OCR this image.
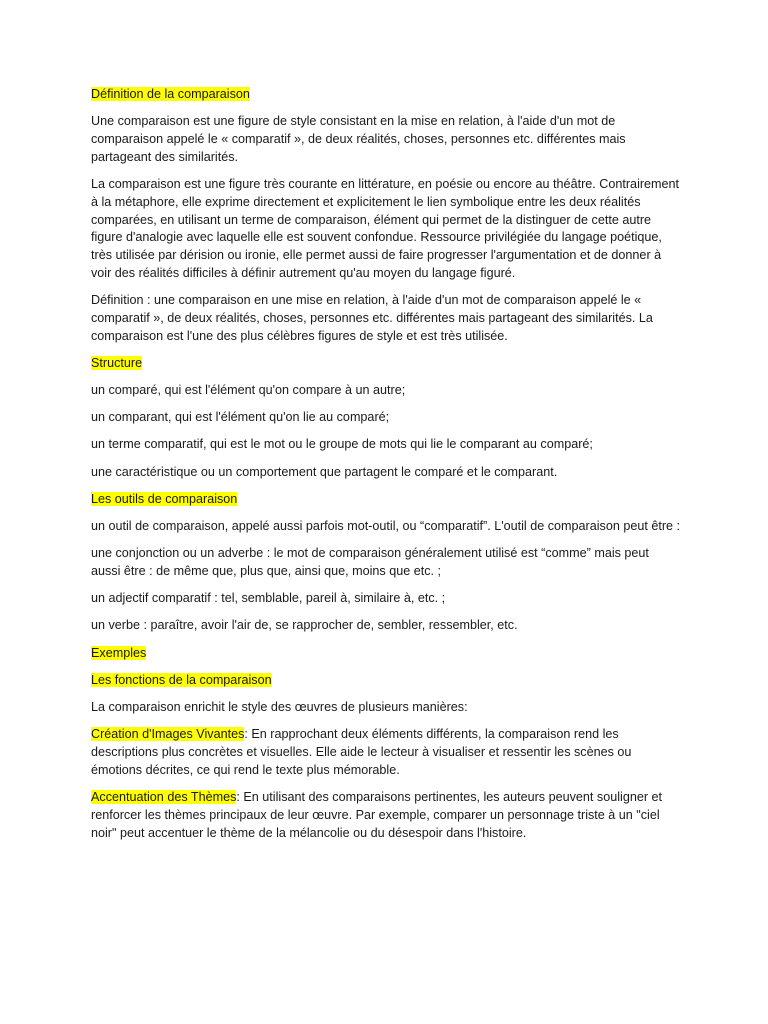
Définition de la comparaison
Une comparaison est une figure de style consistant en la mise en relation, à l'aide d'un mot de comparaison appelé le « comparatif », de deux réalités, choses, personnes etc. différentes mais partageant des similarités.
La comparaison est une figure très courante en littérature, en poésie ou encore au théâtre. Contrairement à la métaphore, elle exprime directement et explicitement le lien symbolique entre les deux réalités comparées, en utilisant un terme de comparaison, élément qui permet de la distinguer de cette autre figure d'analogie avec laquelle elle est souvent confondue. Ressource privilégiée du langage poétique, très utilisée par dérision ou ironie, elle permet aussi de faire progresser l'argumentation et de donner à voir des réalités difficiles à définir autrement qu'au moyen du langage figuré.
Définition : une comparaison en une mise en relation, à l'aide d'un mot de comparaison appelé le « comparatif », de deux réalités, choses, personnes etc. différentes mais partageant des similarités. La comparaison est l'une des plus célèbres figures de style et est très utilisée.
Structure
un comparé, qui est l'élément qu'on compare à un autre;
un comparant, qui est l'élément qu'on lie au comparé;
un terme comparatif, qui est le mot ou le groupe de mots qui lie le comparant au comparé;
une caractéristique ou un comportement que partagent le comparé et le comparant.
Les outils de comparaison
un outil de comparaison, appelé aussi parfois mot-outil, ou “comparatif”. L'outil de comparaison peut être :
une conjonction ou un adverbe : le mot de comparaison généralement utilisé est “comme” mais peut aussi être : de même que, plus que, ainsi que, moins que etc. ;
un adjectif comparatif : tel, semblable, pareil à, similaire à, etc. ;
un verbe : paraître, avoir l'air de, se rapprocher de, sembler, ressembler, etc.
Exemples
Les fonctions de la comparaison
La comparaison enrichit le style des œuvres de plusieurs manières:
Création d'Images Vivantes: En rapprochant deux éléments différents, la comparaison rend les descriptions plus concrètes et visuelles. Elle aide le lecteur à visualiser et ressentir les scènes ou émotions décrites, ce qui rend le texte plus mémorable.
Accentuation des Thèmes: En utilisant des comparaisons pertinentes, les auteurs peuvent souligner et renforcer les thèmes principaux de leur œuvre. Par exemple, comparer un personnage triste à un "ciel noir" peut accentuer le thème de la mélancolie ou du désespoir dans l'histoire.
